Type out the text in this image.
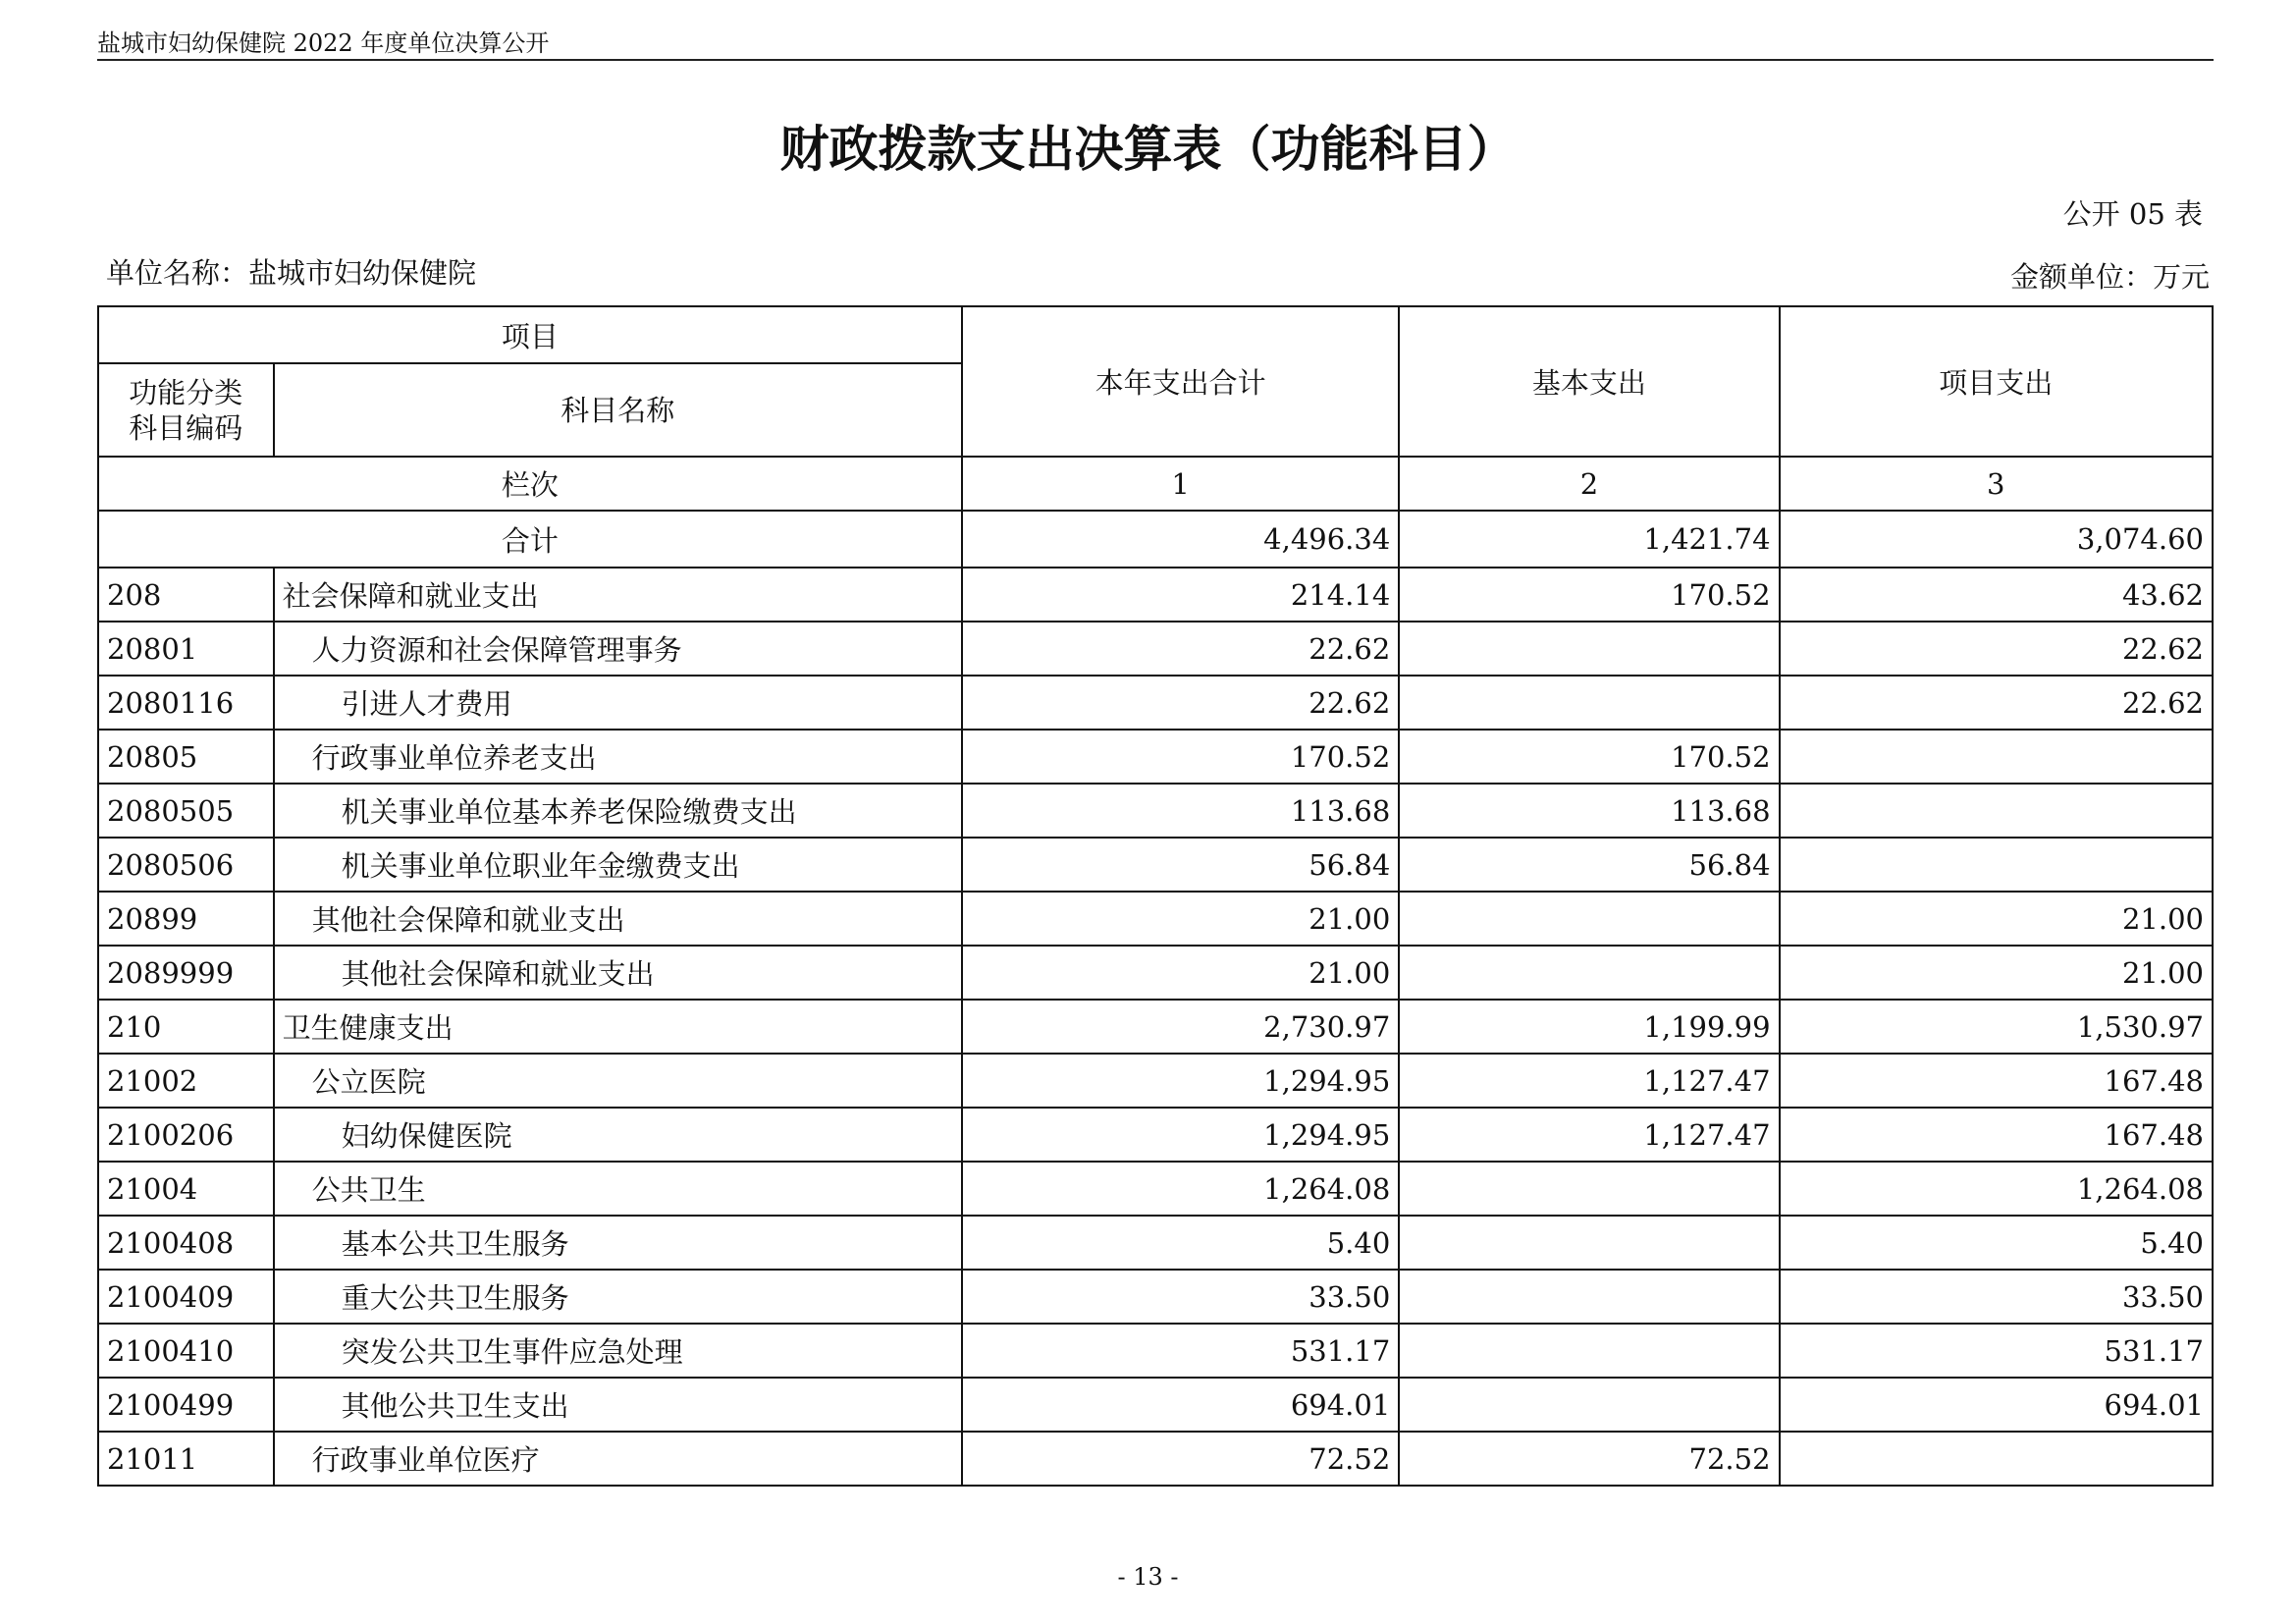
盐城市妇幼保健院 2022 年度单位决算公开
财政拨款支出决算表（功能科目）
公开 05 表
单位名称：盐城市妇幼保健院	金额单位：万元
项目		本年支出合计	基本支出	项目支出
功能分类
科目编码	科目名称			
栏次		1	2	3
合计		4,496.34	1,421.74	3,074.60
208	社会保障和就业支出	214.14	170.52	43.62
20801	人力资源和社会保障管理事务	22.62		22.62
2080116	引进人才费用	22.62		22.62
20805	行政事业单位养老支出	170.52	170.52	
2080505	机关事业单位基本养老保险缴费支出	113.68	113.68	
2080506	机关事业单位职业年金缴费支出	56.84	56.84	
20899	其他社会保障和就业支出	21.00		21.00
2089999	其他社会保障和就业支出	21.00		21.00
210	卫生健康支出	2,730.97	1,199.99	1,530.97
21002	公立医院	1,294.95	1,127.47	167.48
2100206	妇幼保健医院	1,294.95	1,127.47	167.48
21004	公共卫生	1,264.08		1,264.08
2100408	基本公共卫生服务	5.40		5.40
2100409	重大公共卫生服务	33.50		33.50
2100410	突发公共卫生事件应急处理	531.17		531.17
2100499	其他公共卫生支出	694.01		694.01
21011	行政事业单位医疗	72.52	72.52	
- 13 -
